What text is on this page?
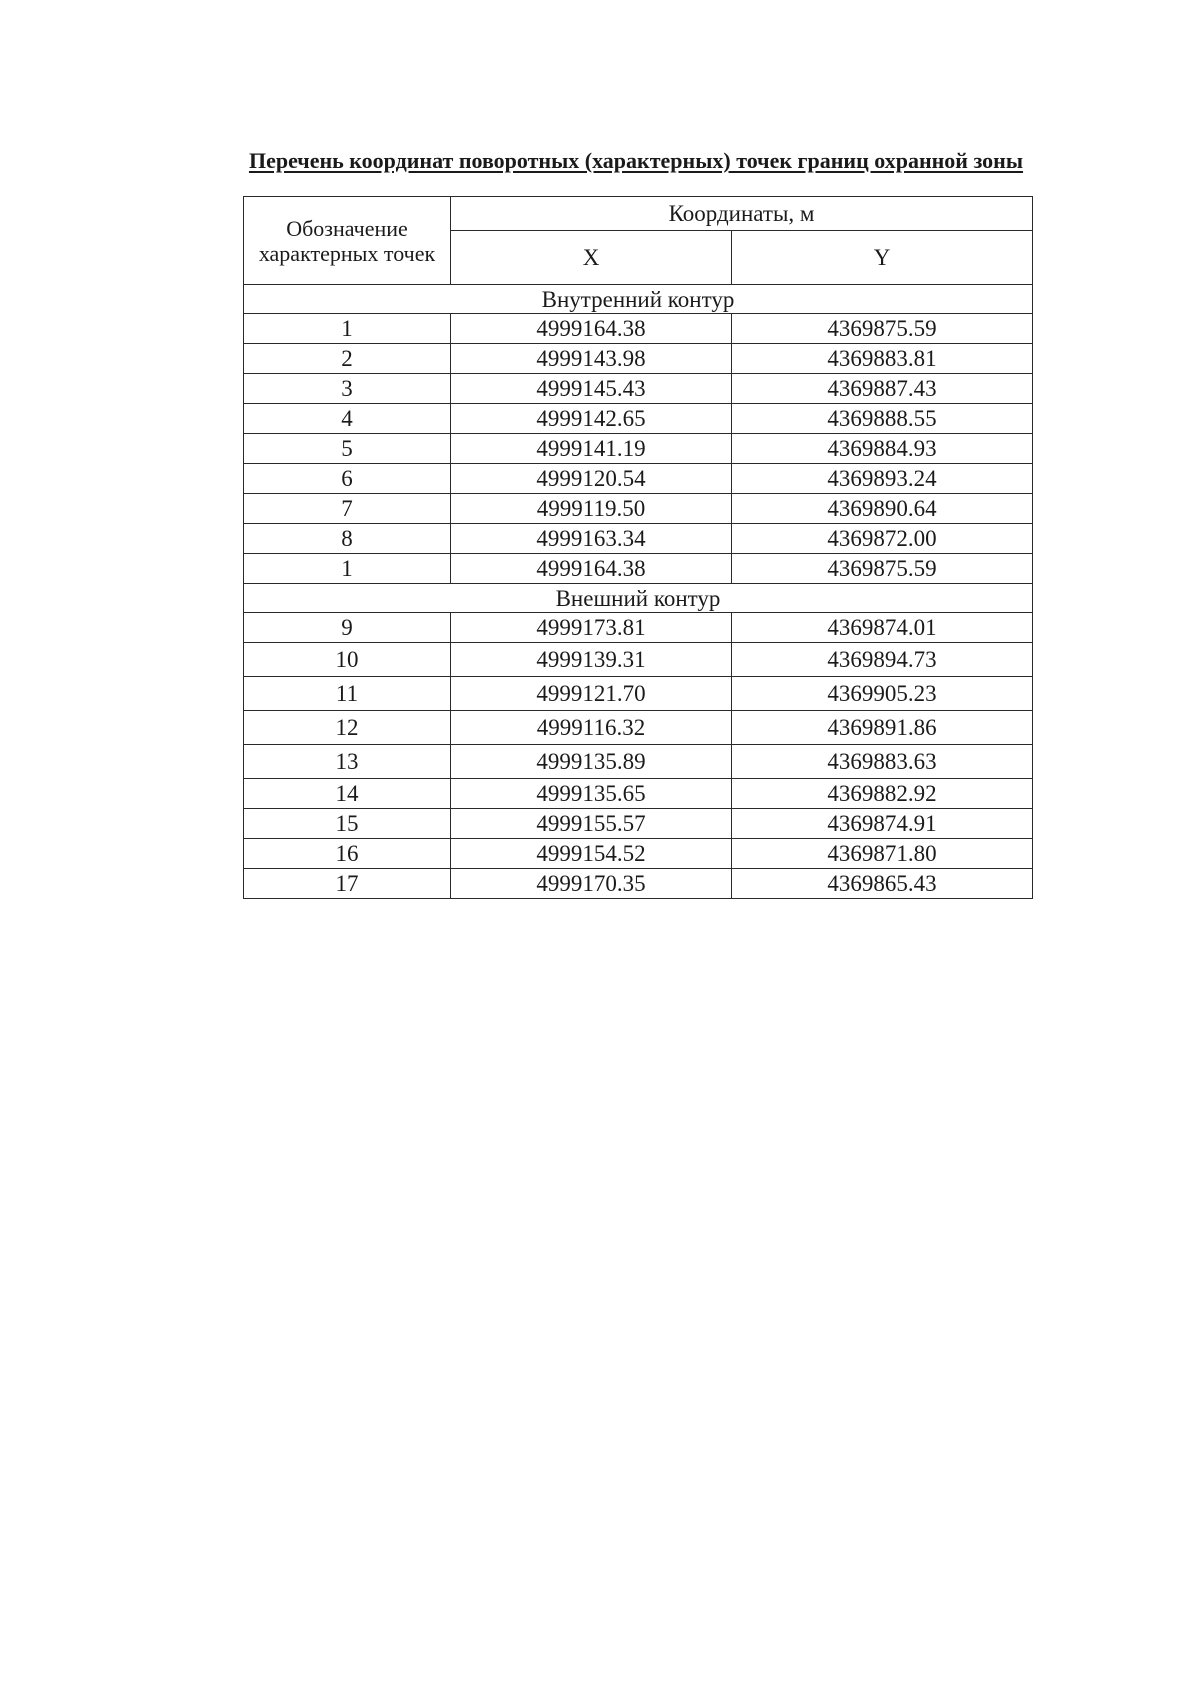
Перечень координат поворотных (характерных) точек границ охранной зоны
Обозначение характерных точек	Координаты, м	
	X	Y
Внутренний контур		
1	4999164.38	4369875.59
2	4999143.98	4369883.81
3	4999145.43	4369887.43
4	4999142.65	4369888.55
5	4999141.19	4369884.93
6	4999120.54	4369893.24
7	4999119.50	4369890.64
8	4999163.34	4369872.00
1	4999164.38	4369875.59
Внешний контур		
9	4999173.81	4369874.01
10	4999139.31	4369894.73
11	4999121.70	4369905.23
12	4999116.32	4369891.86
13	4999135.89	4369883.63
14	4999135.65	4369882.92
15	4999155.57	4369874.91
16	4999154.52	4369871.80
17	4999170.35	4369865.43
